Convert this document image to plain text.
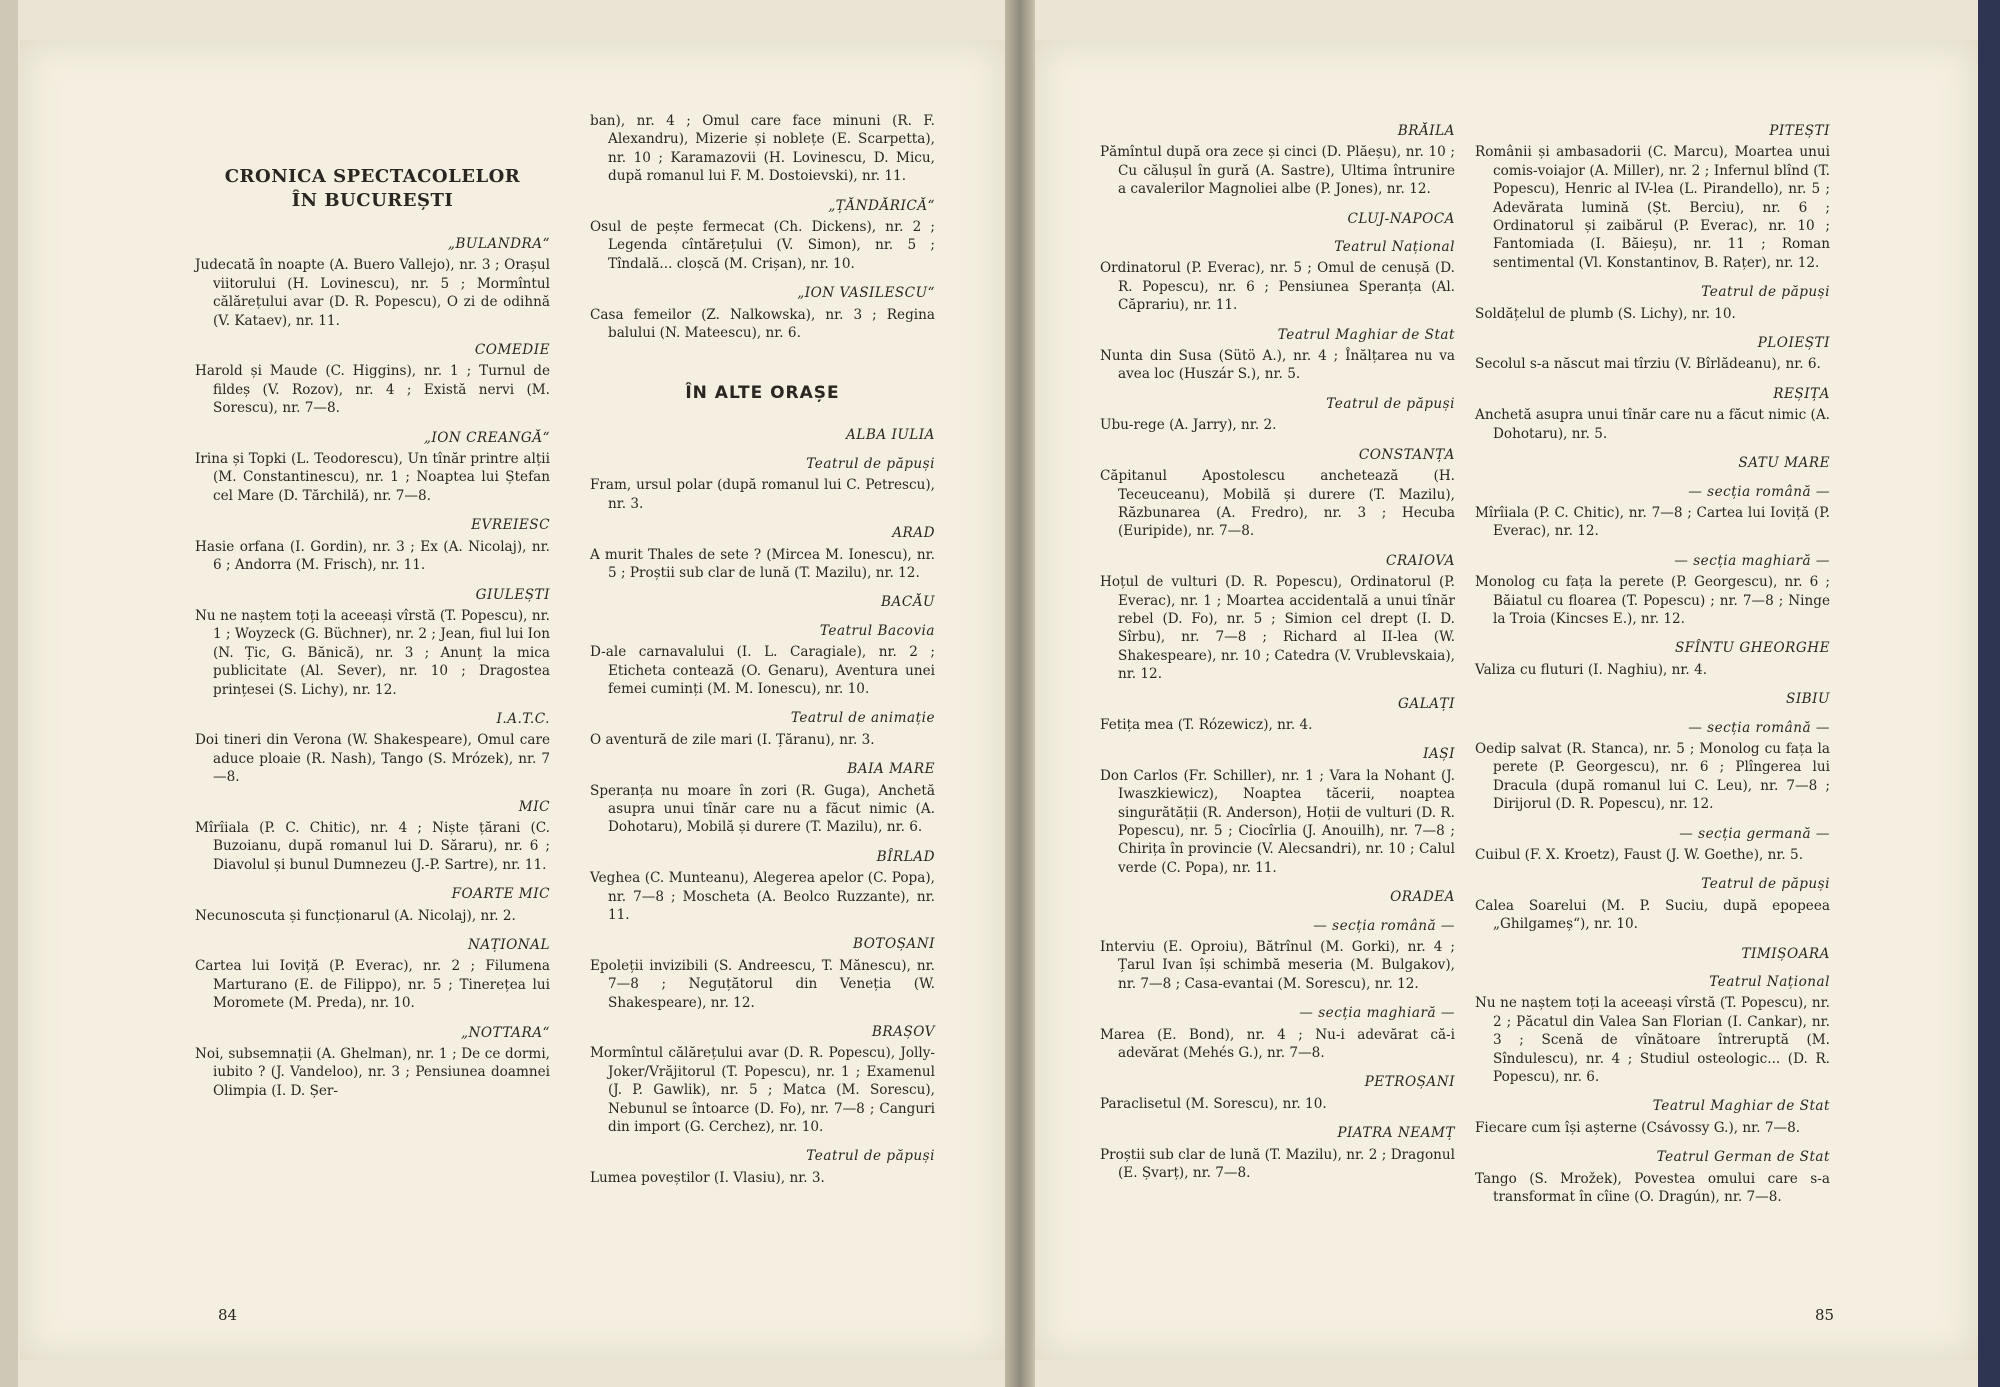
CRONICA SPECTACOLELOR
ÎN BUCUREȘTI
„BULANDRA“

Judecată în noapte (A. Buero Vallejo), nr. 3 ; Orașul viitorului (H. Lovinescu), nr. 5 ; Mormîntul călărețului avar (D. R. Popescu), O zi de odihnă (V. Kataev), nr. 11.

COMEDIE

Harold și Maude (C. Higgins), nr. 1 ; Turnul de fildeș (V. Rozov), nr. 4 ; Există nervi (M. Sorescu), nr. 7—8.

„ION CREANGĂ“

Irina și Topki (L. Teodorescu), Un tînăr printre alții (M. Constantinescu), nr. 1 ; Noaptea lui Ștefan cel Mare (D. Tărchilă), nr. 7—8.

EVREIESC

Hasie orfana (I. Gordin), nr. 3 ; Ex (A. Nicolaj), nr. 6 ; Andorra (M. Frisch), nr. 11.

GIULEȘTI

Nu ne naștem toți la aceeași vîrstă (T. Popescu), nr. 1 ; Woyzeck (G. Büchner), nr. 2 ; Jean, fiul lui Ion (N. Țic, G. Bănică), nr. 3 ; Anunț la mica publicitate (Al. Sever), nr. 10 ; Dragostea prințesei (S. Lichy), nr. 12.

I.A.T.C.

Doi tineri din Verona (W. Shakespeare), Omul care aduce ploaie (R. Nash), Tango (S. Mrózek), nr. 7—8.

MIC

Mîrîiala (P. C. Chitic), nr. 4 ; Niște țărani (C. Buzoianu, după romanul lui D. Săraru), nr. 6 ; Diavolul și bunul Dumnezeu (J.-P. Sartre), nr. 11.

FOARTE MIC

Necunoscuta și funcționarul (A. Nicolaj), nr. 2.

NAȚIONAL

Cartea lui Ioviță (P. Everac), nr. 2 ; Filumena Marturano (E. de Filippo), nr. 5 ; Tinerețea lui Moromete (M. Preda), nr. 10.

„NOTTARA“

Noi, subsemnații (A. Ghelman), nr. 1 ; De ce dormi, iubito ? (J. Vandeloo), nr. 3 ; Pensiunea doamnei Olimpia (I. D. Șer-

ban), nr. 4 ; Omul care face minuni (R. F. Alexandru), Mizerie și noblețe (E. Scarpetta), nr. 10 ; Karamazovii (H. Lovinescu, D. Micu, după romanul lui F. M. Dostoievski), nr. 11.

„ȚĂNDĂRICĂ“

Osul de pește fermecat (Ch. Dickens), nr. 2 ; Legenda cîntărețului (V. Simon), nr. 5 ; Tîndală... cloșcă (M. Crișan), nr. 10.

„ION VASILESCU“

Casa femeilor (Z. Nalkowska), nr. 3 ; Regina balului (N. Mateescu), nr. 6.

ÎN ALTE ORAȘE
ALBA IULIA
Teatrul de păpuși

Fram, ursul polar (după romanul lui C. Petrescu), nr. 3.

ARAD

A murit Thales de sete ? (Mircea M. Ionescu), nr. 5 ; Proștii sub clar de lună (T. Mazilu), nr. 12.

BACĂU
Teatrul Bacovia

D-ale carnavalului (I. L. Caragiale), nr. 2 ; Eticheta contează (O. Genaru), Aventura unei femei cuminți (M. M. Ionescu), nr. 10.

Teatrul de animație

O aventură de zile mari (I. Țăranu), nr. 3.

BAIA MARE

Speranța nu moare în zori (R. Guga), Anchetă asupra unui tînăr care nu a făcut nimic (A. Dohotaru), Mobilă și durere (T. Mazilu), nr. 6.

BÎRLAD

Veghea (C. Munteanu), Alegerea apelor (C. Popa), nr. 7—8 ; Moscheta (A. Beolco Ruzzante), nr. 11.

BOTOȘANI

Epoleții invizibili (S. Andreescu, T. Mănescu), nr. 7—8 ; Neguțătorul din Veneția (W. Shakespeare), nr. 12.

BRAȘOV

Mormîntul călărețului avar (D. R. Popescu), Jolly-Joker/Vrăjitorul (T. Popescu), nr. 1 ; Examenul (J. P. Gawlik), nr. 5 ; Matca (M. Sorescu), Nebunul se întoarce (D. Fo), nr. 7—8 ; Canguri din import (G. Cerchez), nr. 10.

Teatrul de păpuși

Lumea poveștilor (I. Vlasiu), nr. 3.

84
BRĂILA

Pămîntul după ora zece și cinci (D. Plăeșu), nr. 10 ; Cu călușul în gură (A. Sastre), Ultima întrunire a cavalerilor Magnoliei albe (P. Jones), nr. 12.

CLUJ-NAPOCA
Teatrul Național

Ordinatorul (P. Everac), nr. 5 ; Omul de cenușă (D. R. Popescu), nr. 6 ; Pensiunea Speranța (Al. Căprariu), nr. 11.

Teatrul Maghiar de Stat

Nunta din Susa (Sütö A.), nr. 4 ; Înălțarea nu va avea loc (Huszár S.), nr. 5.

Teatrul de păpuși

Ubu-rege (A. Jarry), nr. 2.

CONSTANȚA

Căpitanul Apostolescu anchetează (H. Teceuceanu), Mobilă și durere (T. Mazilu), Răzbunarea (A. Fredro), nr. 3 ; Hecuba (Euripide), nr. 7—8.

CRAIOVA

Hoțul de vulturi (D. R. Popescu), Ordinatorul (P. Everac), nr. 1 ; Moartea accidentală a unui tînăr rebel (D. Fo), nr. 5 ; Simion cel drept (I. D. Sîrbu), nr. 7—8 ; Richard al II-lea (W. Shakespeare), nr. 10 ; Catedra (V. Vrublevskaia), nr. 12.

GALAȚI

Fetița mea (T. Rózewicz), nr. 4.

IAȘI

Don Carlos (Fr. Schiller), nr. 1 ; Vara la Nohant (J. Iwaszkiewicz), Noaptea tăcerii, noaptea singurătății (R. Anderson), Hoții de vulturi (D. R. Popescu), nr. 5 ; Ciocîrlia (J. Anouilh), nr. 7—8 ; Chirița în provincie (V. Alecsandri), nr. 10 ; Calul verde (C. Popa), nr. 11.

ORADEA
— secția română —

Interviu (E. Oproiu), Bătrînul (M. Gorki), nr. 4 ; Țarul Ivan își schimbă meseria (M. Bulgakov), nr. 7—8 ; Casa-evantai (M. Sorescu), nr. 12.

— secția maghiară —

Marea (E. Bond), nr. 4 ; Nu-i adevărat că-i adevărat (Mehés G.), nr. 7—8.

PETROȘANI

Paraclisetul (M. Sorescu), nr. 10.

PIATRA NEAMȚ

Proștii sub clar de lună (T. Mazilu), nr. 2 ; Dragonul (E. Șvarț), nr. 7—8.

PITEȘTI

Românii și ambasadorii (C. Marcu), Moartea unui comis-voiajor (A. Miller), nr. 2 ; Infernul blînd (T. Popescu), Henric al IV-lea (L. Pirandello), nr. 5 ; Adevărata lumină (Șt. Berciu), nr. 6 ; Ordinatorul și zaibărul (P. Everac), nr. 10 ; Fantomiada (I. Băieșu), nr. 11 ; Roman sentimental (Vl. Konstantinov, B. Rațer), nr. 12.

Teatrul de păpuși

Soldățelul de plumb (S. Lichy), nr. 10.

PLOIEȘTI

Secolul s-a născut mai tîrziu (V. Bîrlădeanu), nr. 6.

REȘIȚA

Anchetă asupra unui tînăr care nu a făcut nimic (A. Dohotaru), nr. 5.

SATU MARE
— secția română —

Mîrîiala (P. C. Chitic), nr. 7—8 ; Cartea lui Ioviță (P. Everac), nr. 12.

— secția maghiară —

Monolog cu fața la perete (P. Georgescu), nr. 6 ; Băiatul cu floarea (T. Popescu) ; nr. 7—8 ; Ninge la Troia (Kincses E.), nr. 12.

SFÎNTU GHEORGHE

Valiza cu fluturi (I. Naghiu), nr. 4.

SIBIU
— secția română —

Oedip salvat (R. Stanca), nr. 5 ; Monolog cu fața la perete (P. Georgescu), nr. 6 ; Plîngerea lui Dracula (după romanul lui C. Leu), nr. 7—8 ; Dirijorul (D. R. Popescu), nr. 12.

— secția germană —

Cuibul (F. X. Kroetz), Faust (J. W. Goethe), nr. 5.

Teatrul de păpuși

Calea Soarelui (M. P. Suciu, după epopeea „Ghilgameș“), nr. 10.

TIMIȘOARA
Teatrul Național

Nu ne naștem toți la aceeași vîrstă (T. Popescu), nr. 2 ; Păcatul din Valea San Florian (I. Cankar), nr. 3 ; Scenă de vînătoare întreruptă (M. Sîndulescu), nr. 4 ; Studiul osteologic... (D. R. Popescu), nr. 6.

Teatrul Maghiar de Stat

Fiecare cum își așterne (Csávossy G.), nr. 7—8.

Teatrul German de Stat

Tango (S. Mrožek), Povestea omului care s-a transformat în cîine (O. Dragún), nr. 7—8.

85
